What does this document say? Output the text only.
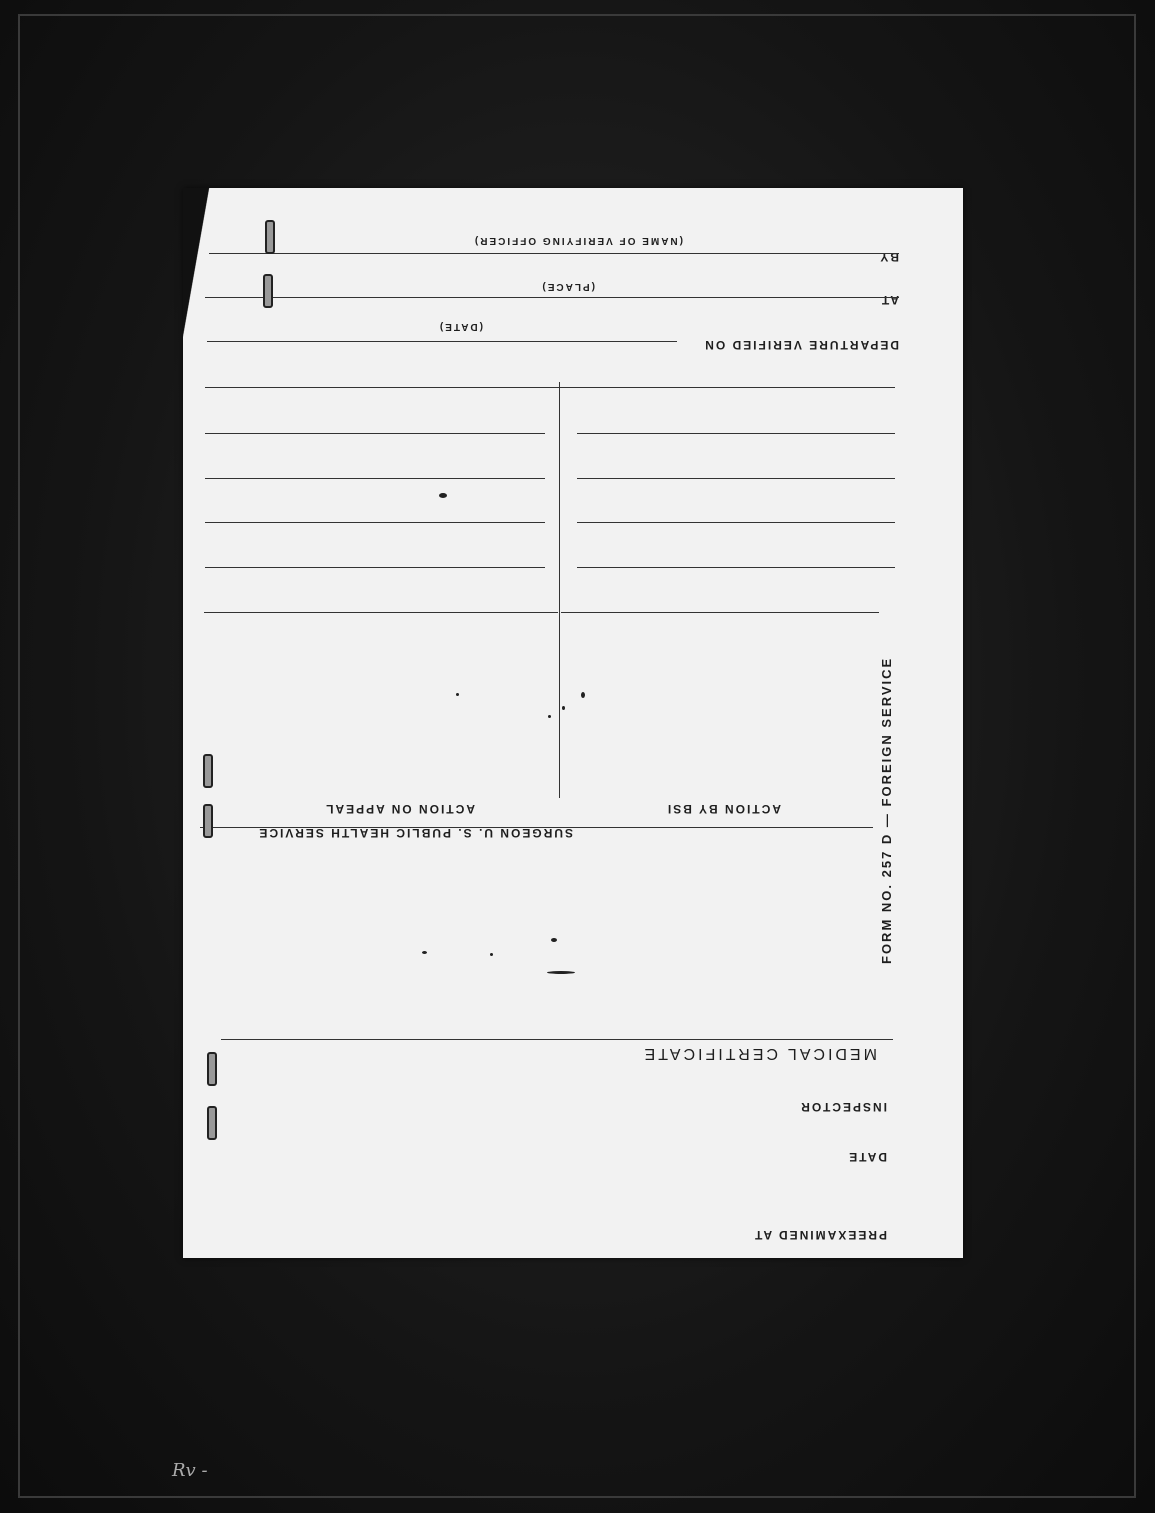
PREEXAMINED AT
DATE
INSPECTOR
MEDICAL CERTIFICATE
SURGEON U. S. PUBLIC HEALTH SERVICE
ACTION BY BSI
ACTION ON APPEAL
DEPARTURE VERIFIED ON
(DATE)
AT
(PLACE)
BY
(NAME OF VERIFYING OFFICER)
FORM NO. 257 D — FOREIGN SERVICE
Rv -
